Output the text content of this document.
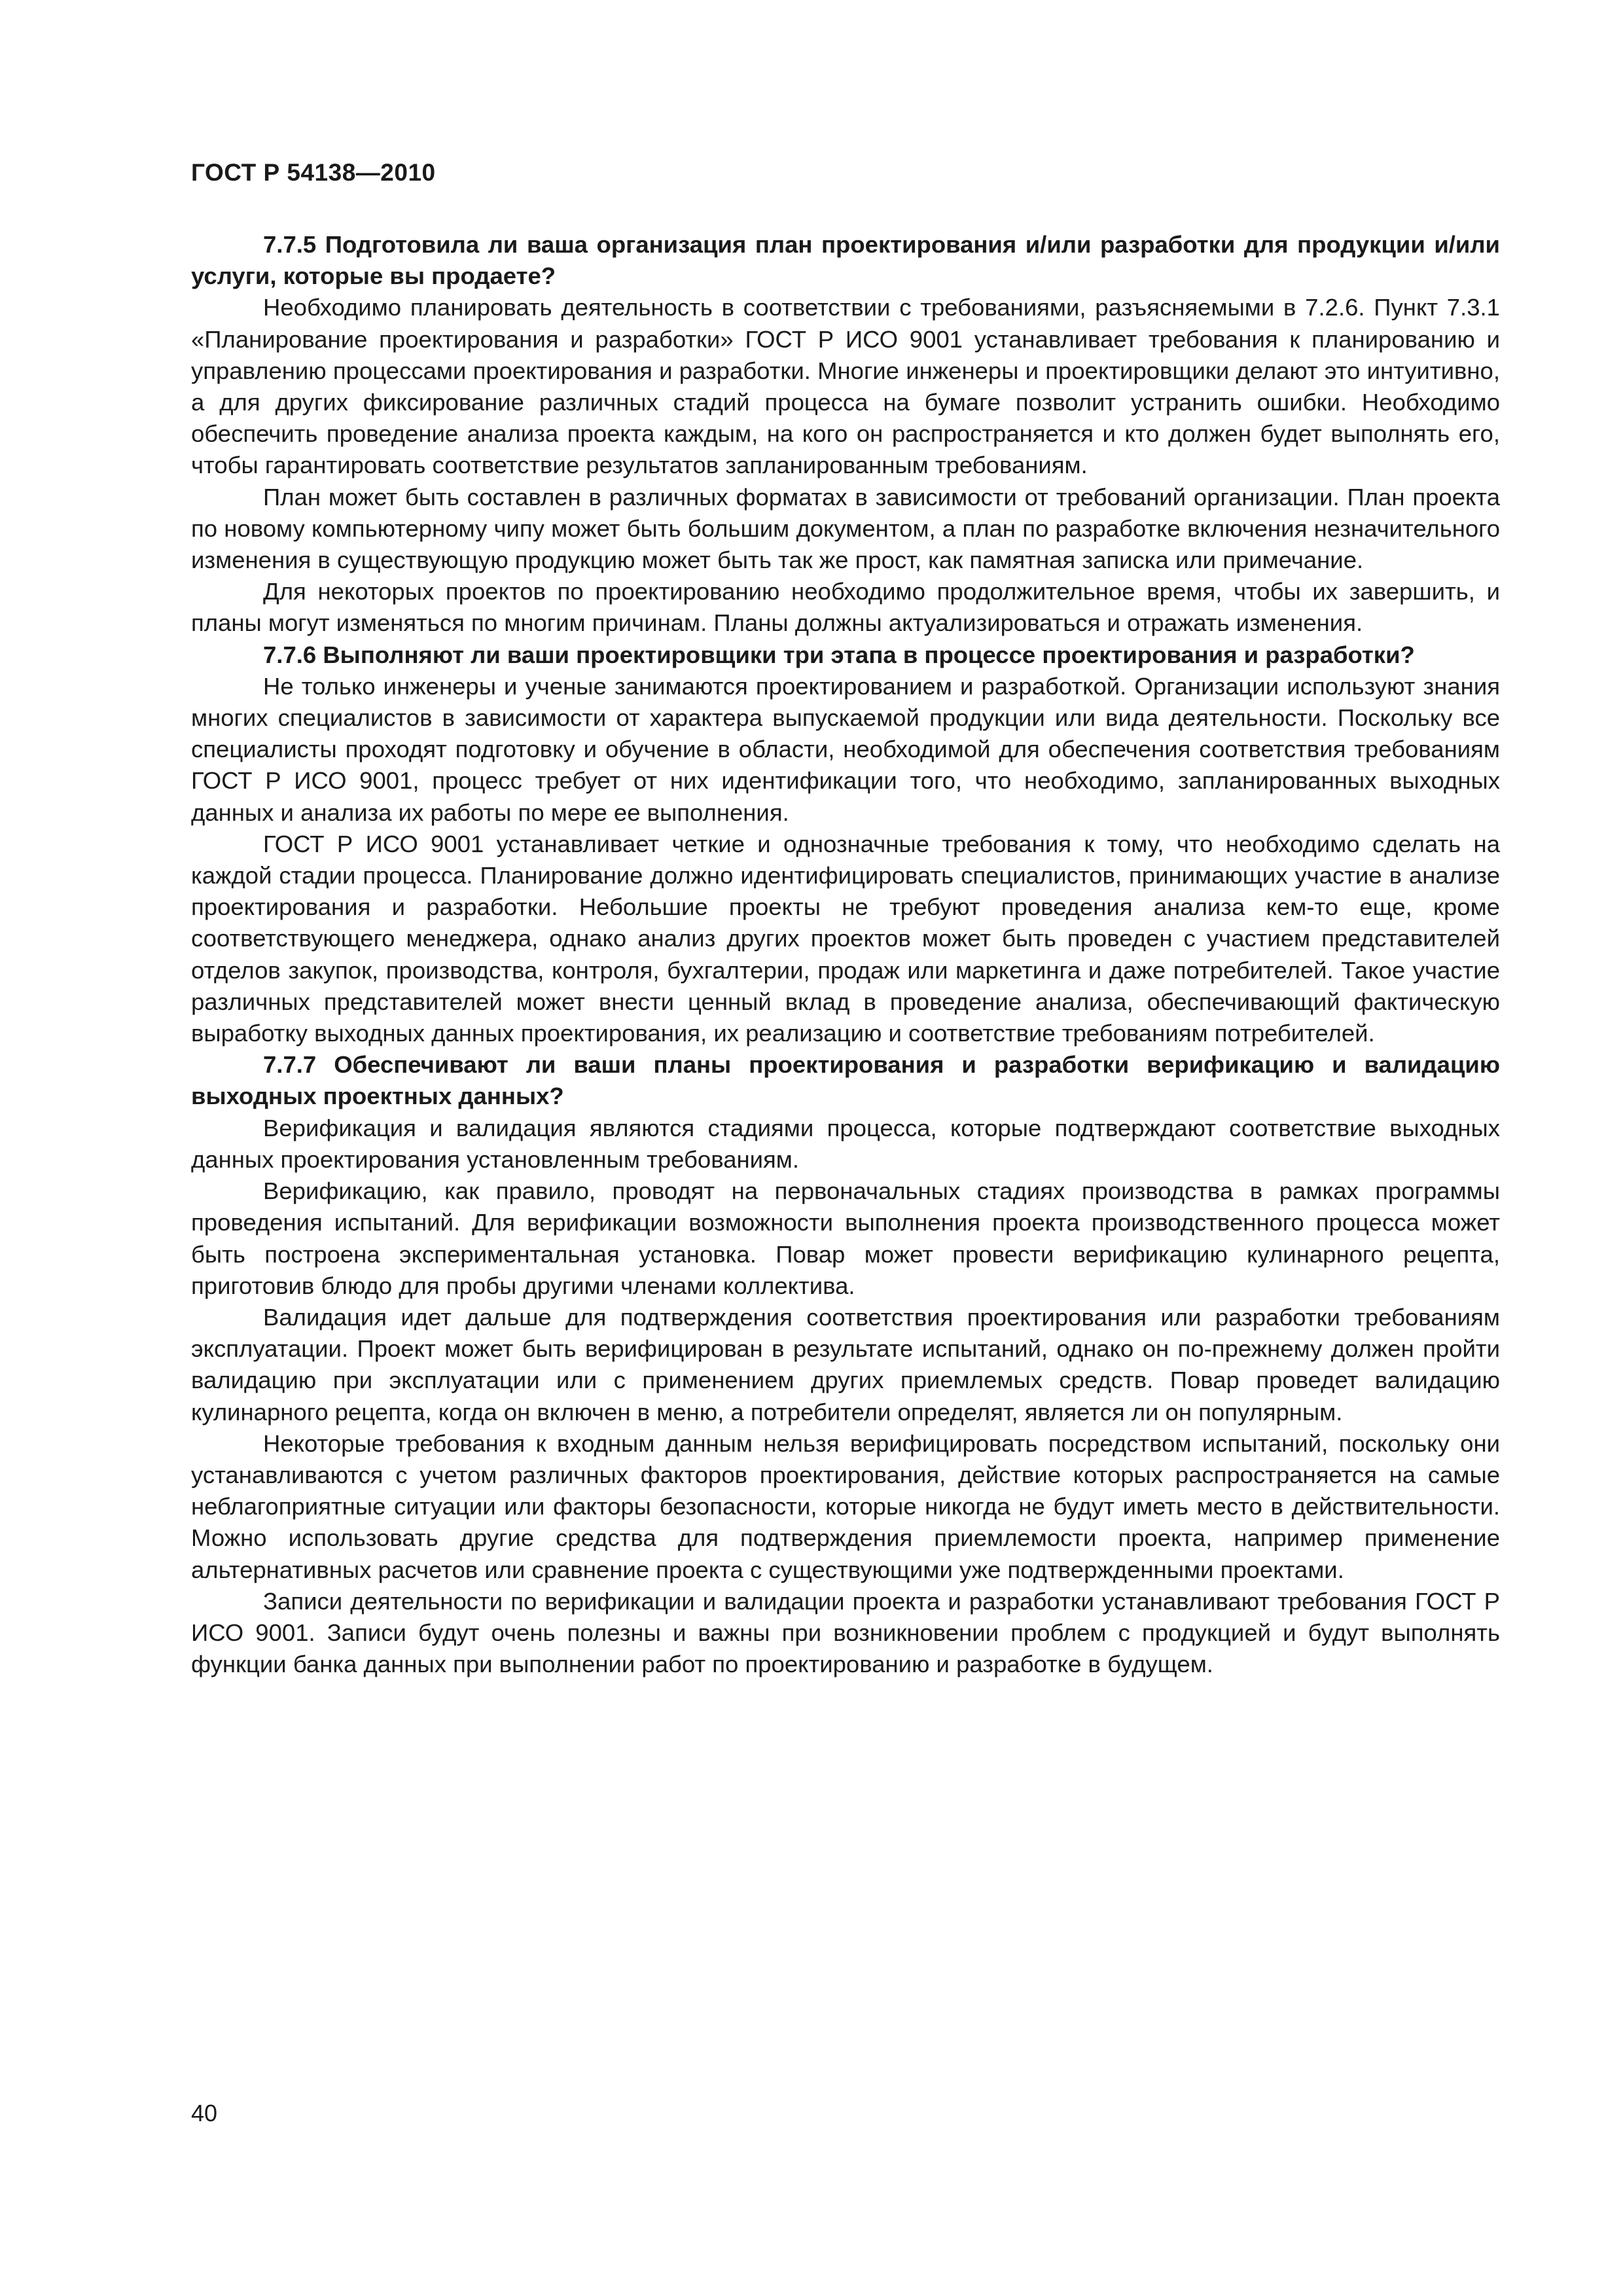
ГОСТ Р 54138—2010
7.7.5 Подготовила ли ваша организация план проектирования и/или разработки для продукции и/или услуги, которые вы продаете?

Необходимо планировать деятельность в соответствии с требованиями, разъясняемыми в 7.2.6. Пункт 7.3.1 «Планирование проектирования и разработки» ГОСТ Р ИСО 9001 устанавливает требования к планированию и управлению процессами проектирования и разработки. Многие инженеры и проектировщики делают это интуитивно, а для других фиксирование различных стадий процесса на бумаге позволит устранить ошибки. Необходимо обеспечить проведение анализа проекта каждым, на кого он распространяется и кто должен будет выполнять его, чтобы гарантировать соответствие результатов запланированным требованиям.

План может быть составлен в различных форматах в зависимости от требований организации. План проекта по новому компьютерному чипу может быть большим документом, а план по разработке включения незначительного изменения в существующую продукцию может быть так же прост, как памятная записка или примечание.

Для некоторых проектов по проектированию необходимо продолжительное время, чтобы их завершить, и планы могут изменяться по многим причинам. Планы должны актуализироваться и отражать изменения.

7.7.6 Выполняют ли ваши проектировщики три этапа в процессе проектирования и разработки?

Не только инженеры и ученые занимаются проектированием и разработкой. Организации используют знания многих специалистов в зависимости от характера выпускаемой продукции или вида деятельности. Поскольку все специалисты проходят подготовку и обучение в области, необходимой для обеспечения соответствия требованиям ГОСТ Р ИСО 9001, процесс требует от них идентификации того, что необходимо, запланированных выходных данных и анализа их работы по мере ее выполнения.

ГОСТ Р ИСО 9001 устанавливает четкие и однозначные требования к тому, что необходимо сделать на каждой стадии процесса. Планирование должно идентифицировать специалистов, принимающих участие в анализе проектирования и разработки. Небольшие проекты не требуют проведения анализа кем-то еще, кроме соответствующего менеджера, однако анализ других проектов может быть проведен с участием представителей отделов закупок, производства, контроля, бухгалтерии, продаж или маркетинга и даже потребителей. Такое участие различных представителей может внести ценный вклад в проведение анализа, обеспечивающий фактическую выработку выходных данных проектирования, их реализацию и соответствие требованиям потребителей.

7.7.7 Обеспечивают ли ваши планы проектирования и разработки верификацию и валидацию выходных проектных данных?

Верификация и валидация являются стадиями процесса, которые подтверждают соответствие выходных данных проектирования установленным требованиям.

Верификацию, как правило, проводят на первоначальных стадиях производства в рамках программы проведения испытаний. Для верификации возможности выполнения проекта производственного процесса может быть построена экспериментальная установка. Повар может провести верификацию кулинарного рецепта, приготовив блюдо для пробы другими членами коллектива.

Валидация идет дальше для подтверждения соответствия проектирования или разработки требованиям эксплуатации. Проект может быть верифицирован в результате испытаний, однако он по-прежнему должен пройти валидацию при эксплуатации или с применением других приемлемых средств. Повар проведет валидацию кулинарного рецепта, когда он включен в меню, а потребители определят, является ли он популярным.

Некоторые требования к входным данным нельзя верифицировать посредством испытаний, поскольку они устанавливаются с учетом различных факторов проектирования, действие которых распространяется на самые неблагоприятные ситуации или факторы безопасности, которые никогда не будут иметь место в действительности. Можно использовать другие средства для подтверждения приемлемости проекта, например применение альтернативных расчетов или сравнение проекта с существующими уже подтвержденными проектами.

Записи деятельности по верификации и валидации проекта и разработки устанавливают требования ГОСТ Р ИСО 9001. Записи будут очень полезны и важны при возникновении проблем с продукцией и будут выполнять функции банка данных при выполнении работ по проектированию и разработке в будущем.

40
